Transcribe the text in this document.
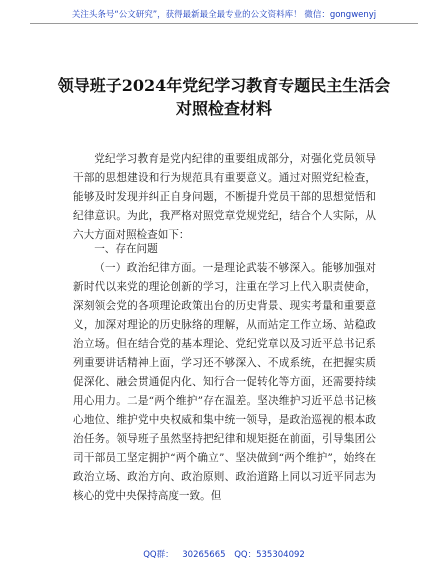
关注头条号“公文研究”，获得最新最全最专业的公文资料库！ 微信：gongwenyj
领导班子2024年党纪学习教育专题民主生活会
对照检查材料

党纪学习教育是党内纪律的重要组成部分，对强化党员领导干部的思想建设和行为规范具有重要意义。通过对照党纪检查，能够及时发现并纠正自身问题，不断提升党员干部的思想觉悟和纪律意识。为此，我严格对照党章党规党纪，结合个人实际，从六大方面对照检查如下：

一、存在问题

（一）政治纪律方面。一是理论武装不够深入。能够加强对新时代以来党的理论创新的学习，注重在学习上代入职责使命，深刻领会党的各项理论政策出台的历史背景、现实考量和重要意义，加深对理论的历史脉络的理解，从而站定工作立场、站稳政治立场。但在结合党的基本理论、党纪党章以及习近平总书记系列重要讲话精神上面，学习还不够深入、不成系统，在把握实质促深化、融会贯通促内化、知行合一促转化等方面，还需要持续用心用力。二是“两个维护”存在温差。坚决维护习近平总书记核心地位、维护党中央权威和集中统一领导，是政治巡视的根本政治任务。领导班子虽然坚持把纪律和规矩挺在前面，引导集团公司干部员工坚定拥护“两个确立”、坚决做到“两个维护”，始终在政治立场、政治方向、政治原则、政治道路上同以习近平同志为核心的党中央保持高度一致。但

QQ群： 30265665 QQ：535304092
